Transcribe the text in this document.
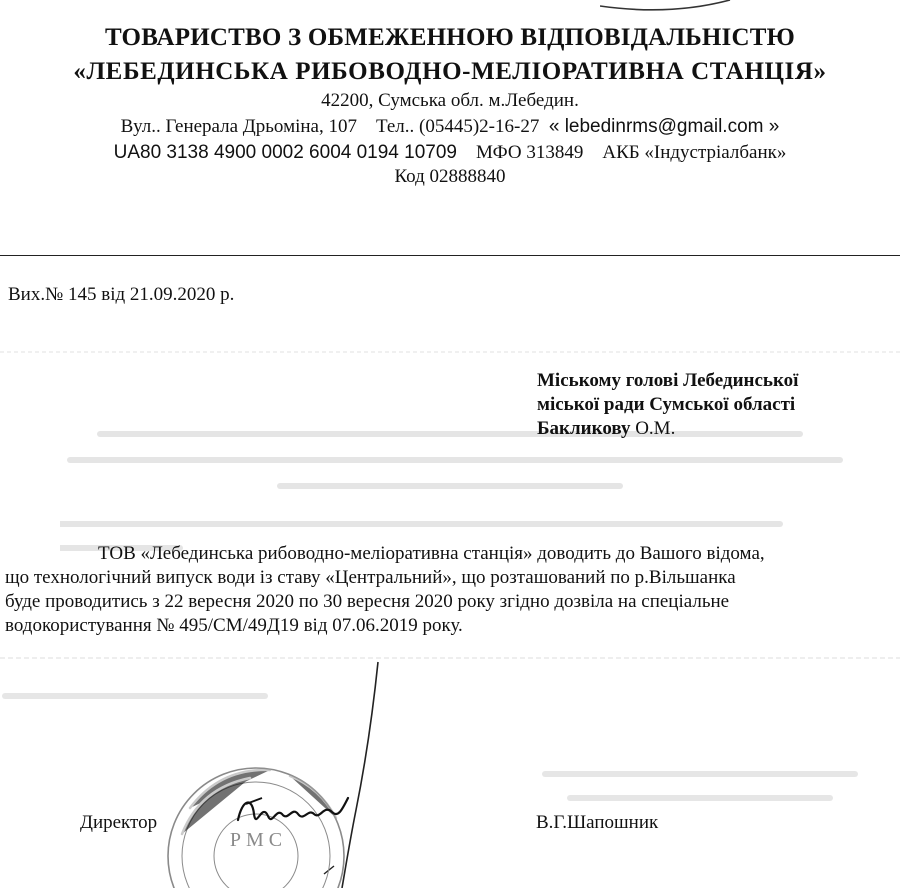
ТОВАРИСТВО З ОБМЕЖЕННОЮ ВІДПОВІДАЛЬНІСТЮ
«ЛЕБЕДИНСЬКА РИБОВОДНО-МЕЛІОРАТИВНА СТАНЦІЯ»
42200, Сумська обл. м.Лебедин.
Вул.. Генерала Дрьоміна, 107 Тел.. (05445)2-16-27 « lebedinrms@gmail.com »
UA80 3138 4900 0002 6004 0194 10709 МФО 313849 АКБ «Індустріалбанк»
Код 02888840
Вих.№ 145 від 21.09.2020 р.
Міському голові Лебединської
міської ради Сумської області
Бакликову О.М.
ТОВ «Лебединська рибоводно-меліоративна станція» доводить до Вашого відома,
що технологічний випуск води із ставу «Центральний», що розташований по р.Вільшанка
буде проводитись з 22 вересня 2020 по 30 вересня 2020 року згідно дозвіла на спеціальне
водокористування № 495/СМ/49Д19 від 07.06.2019 року.
Р М С
Директор	В.Г.Шапошник
